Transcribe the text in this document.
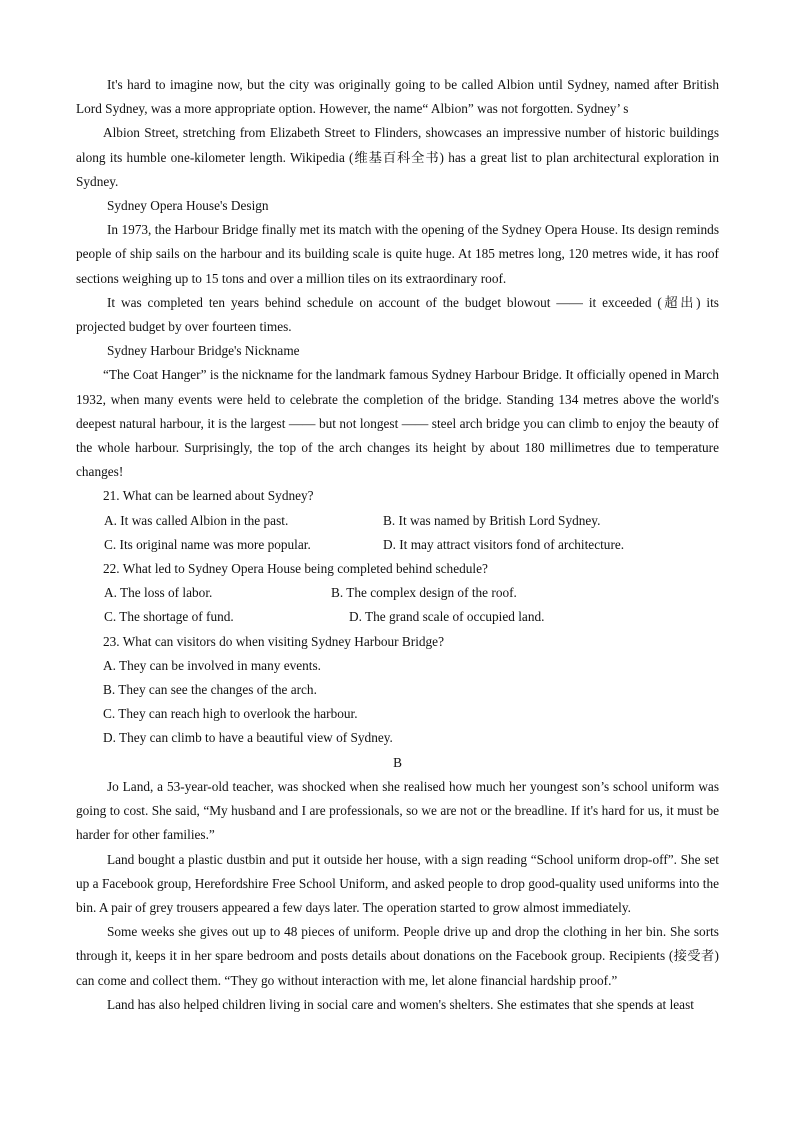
It's hard to imagine now, but the city was originally going to be called Albion until Sydney, named after British Lord Sydney, was a more appropriate option. However, the name“ Albion” was not forgotten. Sydney’ s

Albion Street, stretching from Elizabeth Street to Flinders, showcases an impressive number of historic buildings along its humble one-kilometer length. Wikipedia (维基百科全书) has a great list to plan architectural exploration in Sydney.

Sydney Opera House's Design

In 1973, the Harbour Bridge finally met its match with the opening of the Sydney Opera House. Its design reminds people of ship sails on the harbour and its building scale is quite huge. At 185 metres long, 120 metres wide, it has roof sections weighing up to 15 tons and over a million tiles on its extraordinary roof.

It was completed ten years behind schedule on account of the budget blowout —— it exceeded (超出) its projected budget by over fourteen times.

Sydney Harbour Bridge's Nickname

“The Coat Hanger” is the nickname for the landmark famous Sydney Harbour Bridge. It officially opened in March 1932, when many events were held to celebrate the completion of the bridge. Standing 134 metres above the world's deepest natural harbour, it is the largest —— but not longest —— steel arch bridge you can climb to enjoy the beauty of the whole harbour. Surprisingly, the top of the arch changes its height by about 180 millimetres due to temperature changes!

21. What can be learned about Sydney?

A. It was called Albion in the past.	B. It was named by British Lord Sydney.
C. Its original name was more popular.	D. It may attract visitors fond of architecture.

22. What led to Sydney Opera House being completed behind schedule?

A. The loss of labor.	B. The complex design of the roof.
C. The shortage of fund.	D. The grand scale of occupied land.

23. What can visitors do when visiting Sydney Harbour Bridge?

A. They can be involved in many events.

B. They can see the changes of the arch.

C. They can reach high to overlook the harbour.

D. They can climb to have a beautiful view of Sydney.

B

Jo Land, a 53-year-old teacher, was shocked when she realised how much her youngest son’s school uniform was going to cost. She said, “My husband and I are professionals, so we are not or the breadline. If it's hard for us, it must be harder for other families.”

Land bought a plastic dustbin and put it outside her house, with a sign reading “School uniform drop-off”. She set up a Facebook group, Herefordshire Free School Uniform, and asked people to drop good-quality used uniforms into the bin. A pair of grey trousers appeared a few days later. The operation started to grow almost immediately.

Some weeks she gives out up to 48 pieces of uniform. People drive up and drop the clothing in her bin. She sorts through it, keeps it in her spare bedroom and posts details about donations on the Facebook group. Recipients (接受者) can come and collect them. “They go without interaction with me, let alone financial hardship proof.”

Land has also helped children living in social care and women's shelters. She estimates that she spends at least
